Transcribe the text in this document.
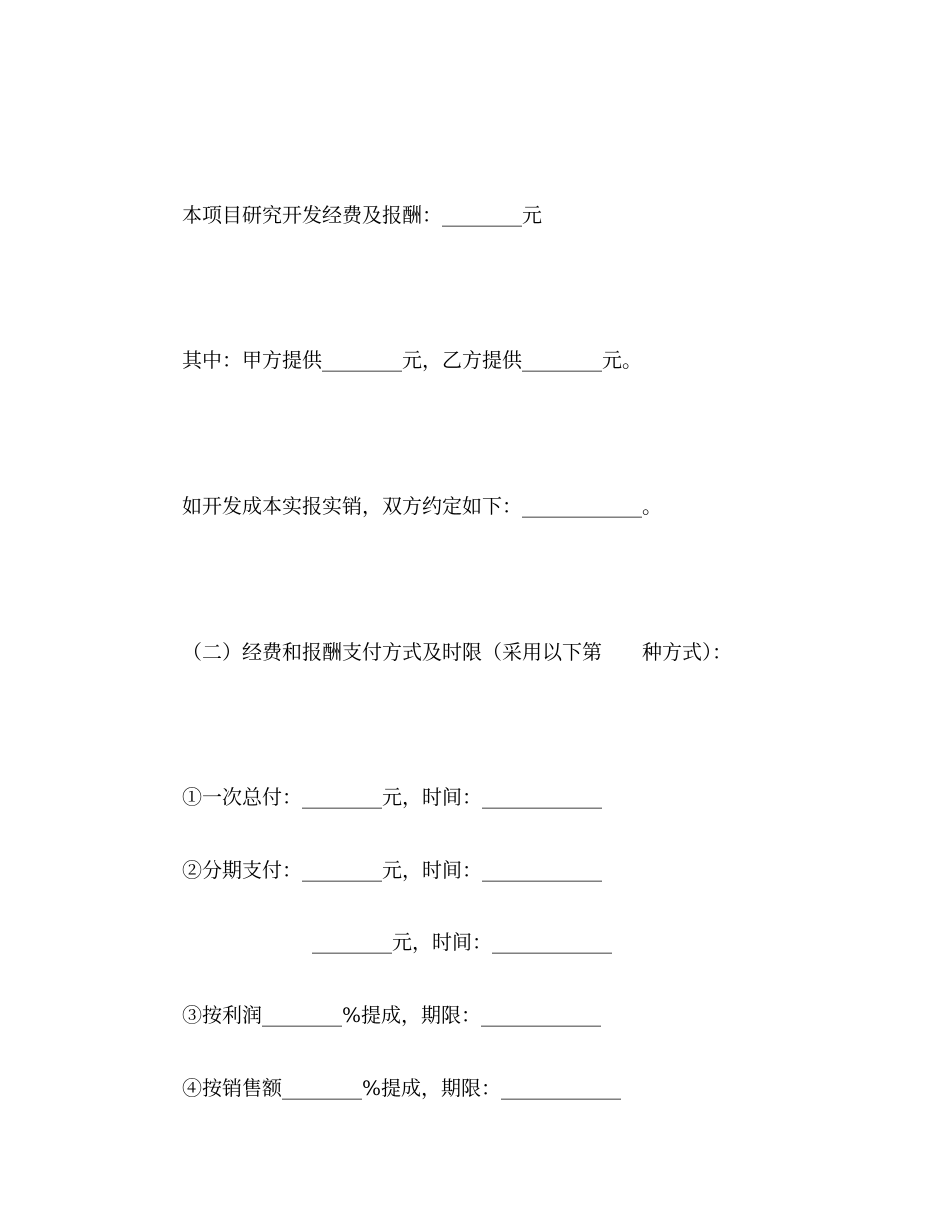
本项目研究开发经费及报酬：________元
其中：甲方提供________元，乙方提供________元。
如开发成本实报实销，双方约定如下：____________。
（二）经费和报酬支付方式及时限（采用以下第　　种方式）：
①一次总付：________元，时间：____________
②分期支付：________元，时间：____________
________元，时间：____________
③按利润________%提成，期限：____________
④按销售额________%提成，期限：____________
